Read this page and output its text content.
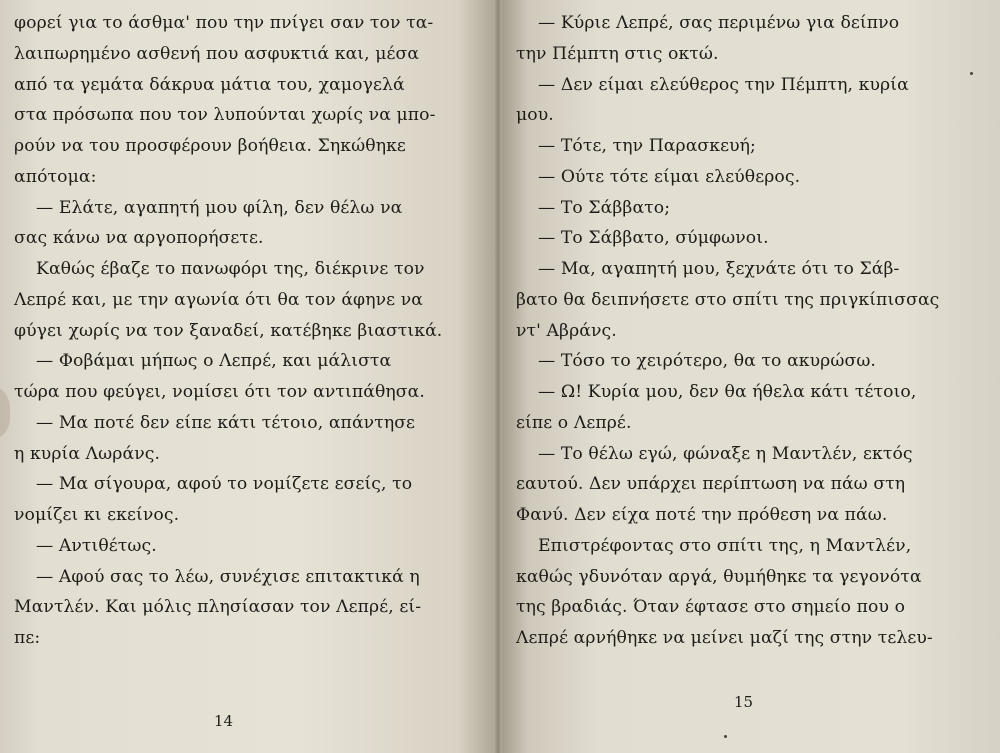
φορεί για το άσθμα' που την πνίγει σαν τον τα-
λαιπωρημένο ασθενή που ασφυκτιά και, μέσα
από τα γεμάτα δάκρυα μάτια του, χαμογελά
στα πρόσωπα που τον λυπούνται χωρίς να μπο-
ρούν να του προσφέρουν βοήθεια. Σηκώθηκε
απότομα:
— Ελάτε, αγαπητή μου φίλη, δεν θέλω να
σας κάνω να αργοπορήσετε.
Καθώς έβαζε το πανωφόρι της, διέκρινε τον
Λεπρέ και, με την αγωνία ότι θα τον άφηνε να
φύγει χωρίς να τον ξαναδεί, κατέβηκε βιαστικά.
— Φοβάμαι μήπως ο Λεπρέ, και μάλιστα
τώρα που φεύγει, νομίσει ότι τον αντιπάθησα.
— Μα ποτέ δεν είπε κάτι τέτοιο, απάντησε
η κυρία Λωράνς.
— Μα σίγουρα, αφού το νομίζετε εσείς, το
νομίζει κι εκείνος.
— Αντιθέτως.
— Αφού σας το λέω, συνέχισε επιτακτικά η
Μαντλέν. Και μόλις πλησίασαν τον Λεπρέ, εί-
πε:
14
— Κύριε Λεπρέ, σας περιμένω για δείπνο
την Πέμπτη στις οκτώ.
— Δεν είμαι ελεύθερος την Πέμπτη, κυρία
μου.
— Τότε, την Παρασκευή;
— Ούτε τότε είμαι ελεύθερος.
— Το Σάββατο;
— Το Σάββατο, σύμφωνοι.
— Μα, αγαπητή μου, ξεχνάτε ότι το Σάβ-
βατο θα δειπνήσετε στο σπίτι της πριγκίπισσας
ντ' Αβράνς.
— Τόσο το χειρότερο, θα το ακυρώσω.
— Ω! Κυρία μου, δεν θα ήθελα κάτι τέτοιο,
είπε ο Λεπρέ.
— Το θέλω εγώ, φώναξε η Μαντλέν, εκτός
εαυτού. Δεν υπάρχει περίπτωση να πάω στη
Φανύ. Δεν είχα ποτέ την πρόθεση να πάω.
Επιστρέφοντας στο σπίτι της, η Μαντλέν,
καθώς γδυνόταν αργά, θυμήθηκε τα γεγονότα
της βραδιάς. Όταν έφτασε στο σημείο που ο
Λεπρέ αρνήθηκε να μείνει μαζί της στην τελευ-
15
